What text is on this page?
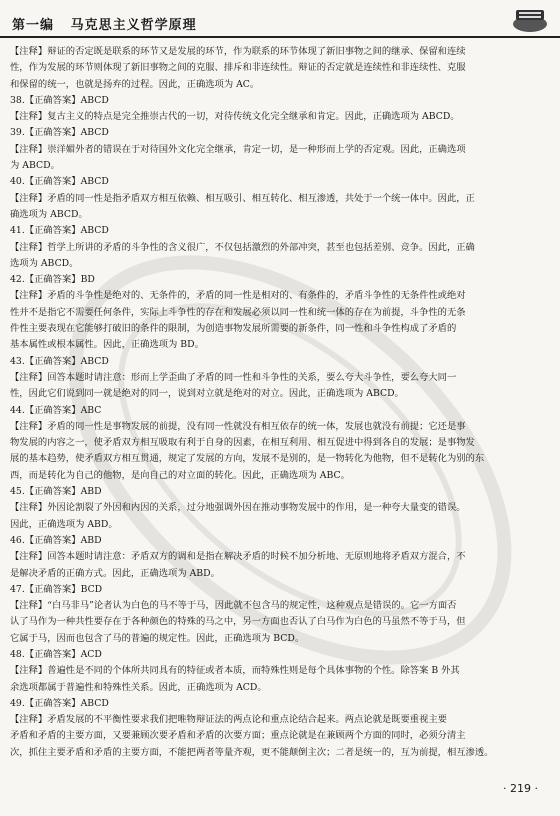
第一编 马克思主义哲学原理

【注释】辩证的否定既是联系的环节又是发展的环节，作为联系的环节体现了新旧事物之间的继承、保留和连续

性，作为发展的环节则体现了新旧事物之间的克服、排斥和非连续性。辩证的否定就是连续性和非连续性、克服

和保留的统一，也就是扬弃的过程。因此，正确选项为 AC。

38.【正确答案】ABCD

【注释】复古主义的特点是完全推崇古代的一切，对待传统文化完全继承和肯定。因此，正确选项为 ABCD。

39.【正确答案】ABCD

【注释】崇洋媚外者的错误在于对待国外文化完全继承，肯定一切，是一种形而上学的否定观。因此，正确选项

为 ABCD。

40.【正确答案】ABCD

【注释】矛盾的同一性是指矛盾双方相互依赖、相互吸引、相互转化、相互渗透，共处于一个统一体中。因此，正

确选项为 ABCD。

41.【正确答案】ABCD

【注释】哲学上所讲的矛盾的斗争性的含义很广，不仅包括激烈的外部冲突，甚至也包括差别、竞争。因此，正确

选项为 ABCD。

42.【正确答案】BD

【注释】矛盾的斗争性是绝对的、无条件的，矛盾的同一性是相对的、有条件的，矛盾斗争性的无条件性或绝对

性并不是指它不需要任何条件，实际上斗争性的存在和发展必须以同一性和统一体的存在为前提，斗争性的无条

件性主要表现在它能够打破旧的条件的限制，为创造事物发展所需要的新条件，同一性和斗争性构成了矛盾的

基本属性或根本属性。因此，正确选项为 BD。

43.【正确答案】ABCD

【注释】回答本题时请注意：形而上学歪曲了矛盾的同一性和斗争性的关系，要么夸大斗争性，要么夸大同一

性，因此它们说到同一就是绝对的同一，说到对立就是绝对的对立。因此，正确选项为 ABCD。

44.【正确答案】ABC

【注释】矛盾的同一性是事物发展的前提，没有同一性就没有相互依存的统一体，发展也就没有前提；它还是事

物发展的内容之一，使矛盾双方相互吸取有利于自身的因素，在相互利用、相互促进中得到各自的发展；是事物发

展的基本趋势，使矛盾双方相互贯通，规定了发展的方向，发展不是别的，是一物转化为他物，但不是转化为别的东

西，而是转化为自己的他物，是向自己的对立面的转化。因此，正确选项为 ABC。

45.【正确答案】ABD

【注释】外因论割裂了外因和内因的关系，过分地强调外因在推动事物发展中的作用，是一种夸大量变的错误。

因此，正确选项为 ABD。

46.【正确答案】ABD

【注释】回答本题时请注意：矛盾双方的调和是指在解决矛盾的时候不加分析地、无原则地将矛盾双方混合，不

是解决矛盾的正确方式。因此，正确选项为 ABD。

47.【正确答案】BCD

【注释】“白马非马”论者认为白色的马不等于马，因此就不包含马的规定性，这种观点是错误的。它一方面否

认了马作为一种共性要存在于各种颜色的特殊的马之中，另一方面也否认了白马作为白色的马虽然不等于马，但

它属于马，因而也包含了马的普遍的规定性。因此，正确选项为 BCD。

48.【正确答案】ACD

【注释】普遍性是不同的个体所共同具有的特征或者本质，而特殊性则是每个具体事物的个性。除答案 B 外其

余选项都属于普遍性和特殊性关系。因此，正确选项为 ACD。

49.【正确答案】ABCD

【注释】矛盾发展的不平衡性要求我们把唯物辩证法的两点论和重点论结合起来。两点论就是既要重视主要

矛盾和矛盾的主要方面，又要兼顾次要矛盾和矛盾的次要方面；重点论就是在兼顾两个方面的同时，必须分清主

次，抓住主要矛盾和矛盾的主要方面，不能把两者等量齐观，更不能颠倒主次；二者是统一的，互为前提，相互渗透。

· 219 ·
